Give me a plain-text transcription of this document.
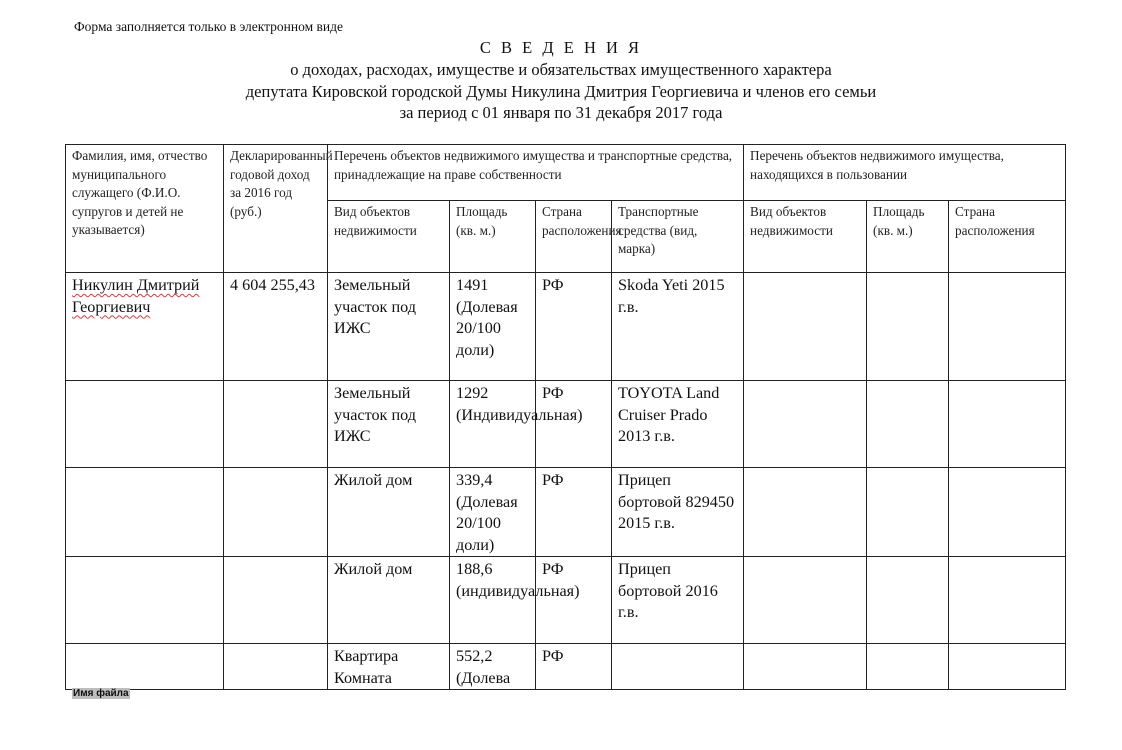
Форма заполняется только в электронном виде
С В Е Д Е Н И Я
о доходах, расходах, имуществе и обязательствах имущественного характера
депутата Кировской городской Думы Никулина Дмитрия Георгиевича и членов его семьи
за период с 01 января по 31 декабря 2017 года
Фамилия, имя, отчество муниципального служащего (Ф.И.О. супругов и детей не указывается)	Декларированный годовой доход за 2016 год (руб.)	Перечень объектов недвижимого имущества и транспортные средства, принадлежащие на праве собственности				Перечень объектов недвижимого имущества, находящихся в пользовании		

		Вид объектов недвижимости	Площадь (кв. м.)	Страна расположения	Транспортные средства (вид, марка)	Вид объектов недвижимости	Площадь (кв. м.)	Страна расположения
Никулин Дмитрий Георгиевич	4 604 255,43	Земельный участок под ИЖС	1491 (Долевая 20/100 доли)	РФ	Skoda Yeti 2015 г.в.			
		Земельный участок под ИЖС	1292 (Индивидуальная)	РФ	TOYOTA Land Cruiser Prado 2013 г.в.			
		Жилой дом	339,4 (Долевая 20/100 доли)	РФ	Прицеп бортовой 829450 2015 г.в.			
		Жилой дом	188,6 (индивидуальная)	РФ	Прицеп бортовой 2016 г.в.			
		Квартира Комната	552,2 (Долева	РФ				
Имя файла
